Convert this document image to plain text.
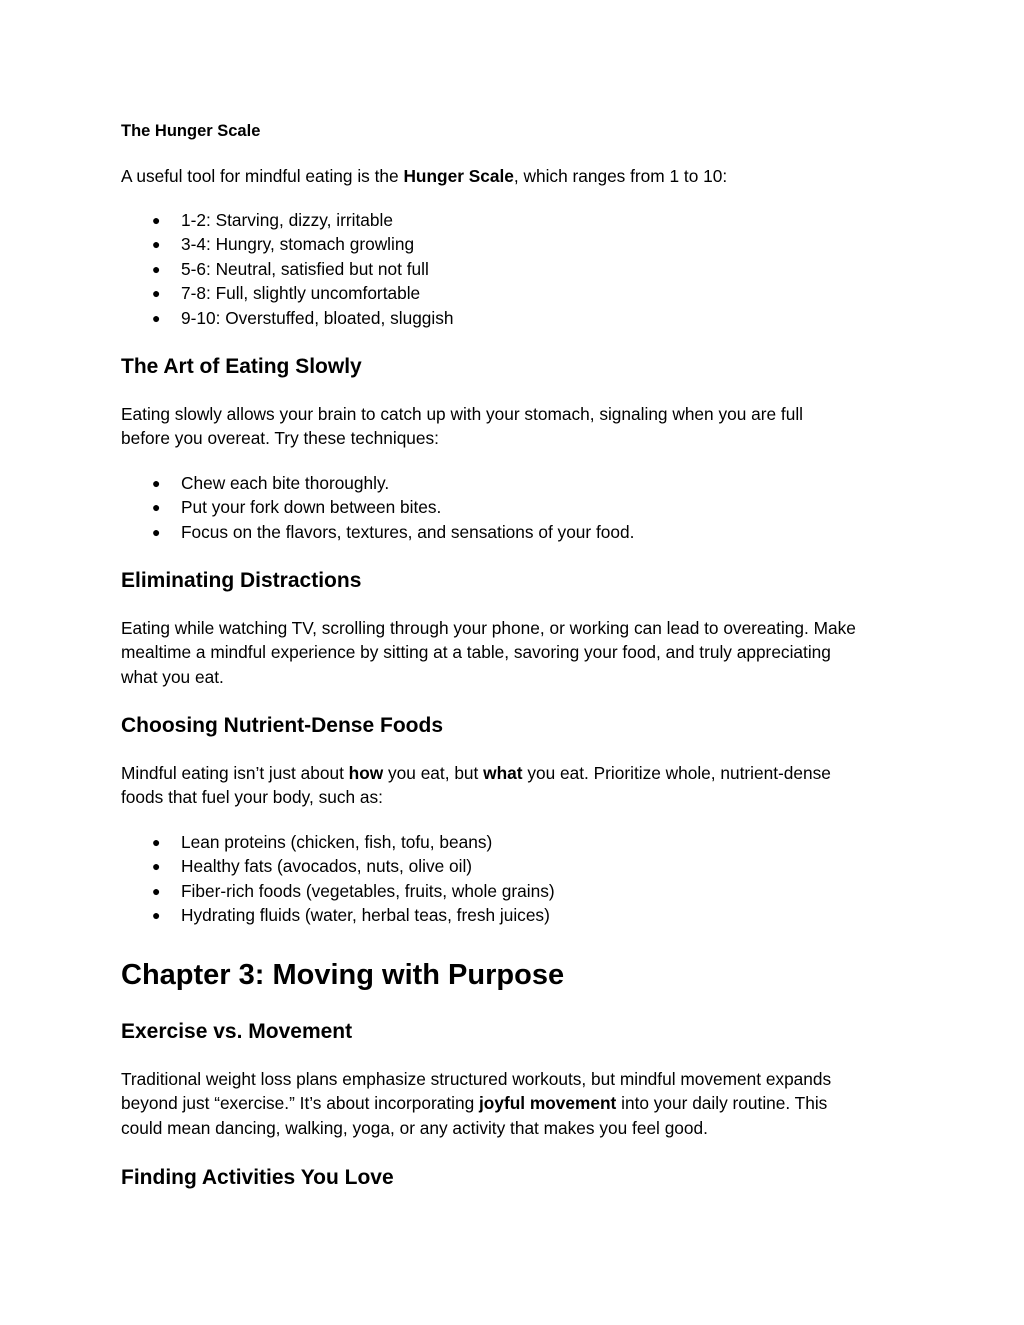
The Hunger Scale
A useful tool for mindful eating is the Hunger Scale, which ranges from 1 to 10:
● 1-2: Starving, dizzy, irritable
● 3-4: Hungry, stomach growling
● 5-6: Neutral, satisfied but not full
● 7-8: Full, slightly uncomfortable
● 9-10: Overstuffed, bloated, sluggish
The Art of Eating Slowly
Eating slowly allows your brain to catch up with your stomach, signaling when you are full
before you overeat. Try these techniques:
● Chew each bite thoroughly.
● Put your fork down between bites.
● Focus on the flavors, textures, and sensations of your food.
Eliminating Distractions
Eating while watching TV, scrolling through your phone, or working can lead to overeating. Make
mealtime a mindful experience by sitting at a table, savoring your food, and truly appreciating
what you eat.
Choosing Nutrient-Dense Foods
Mindful eating isn’t just about how you eat, but what you eat. Prioritize whole, nutrient-dense
foods that fuel your body, such as:
● Lean proteins (chicken, fish, tofu, beans)
● Healthy fats (avocados, nuts, olive oil)
● Fiber-rich foods (vegetables, fruits, whole grains)
● Hydrating fluids (water, herbal teas, fresh juices)
Chapter 3: Moving with Purpose
Exercise vs. Movement
Traditional weight loss plans emphasize structured workouts, but mindful movement expands
beyond just “exercise.” It’s about incorporating joyful movement into your daily routine. This
could mean dancing, walking, yoga, or any activity that makes you feel good.
Finding Activities You Love
